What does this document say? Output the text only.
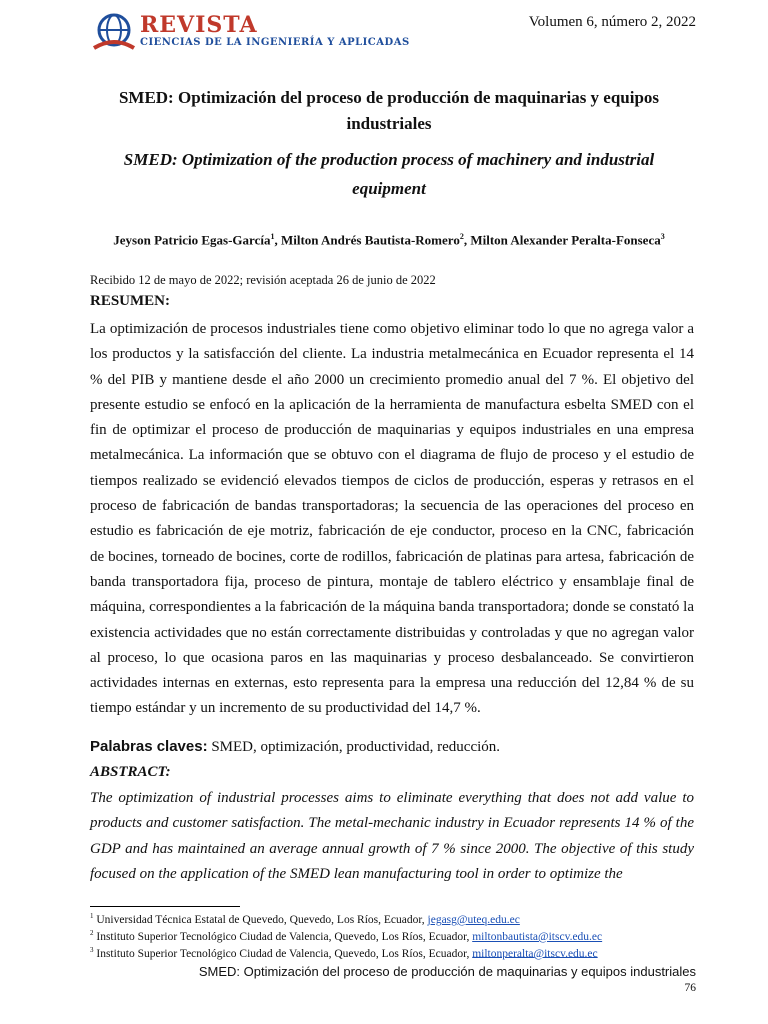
REVISTA
CIENCIAS DE LA INGENIERÍA Y APLICADAS
Volumen 6, número 2, 2022
SMED: Optimización del proceso de producción de maquinarias y equipos industriales
SMED: Optimization of the production process of machinery and industrial equipment
Jeyson Patricio Egas-García$^1$, Milton Andrés Bautista-Romero$^2$, Milton Alexander Peralta-Fonseca$^3$
Recibido 12 de mayo de 2022; revisión aceptada 26 de junio de 2022
RESUMEN:

La optimización de procesos industriales tiene como objetivo eliminar todo lo que no agrega valor a los productos y la satisfacción del cliente. La industria metalmecánica en Ecuador representa el 14 % del PIB y mantiene desde el año 2000 un crecimiento promedio anual del 7 %. El objetivo del presente estudio se enfocó en la aplicación de la herramienta de manufactura esbelta SMED con el fin de optimizar el proceso de producción de maquinarias y equipos industriales en una empresa metalmecánica. La información que se obtuvo con el diagrama de flujo de proceso y el estudio de tiempos realizado se evidenció elevados tiempos de ciclos de producción, esperas y retrasos en el proceso de fabricación de bandas transportadoras; la secuencia de las operaciones del proceso en estudio es fabricación de eje motriz, fabricación de eje conductor, proceso en la CNC, fabricación de bocines, torneado de bocines, corte de rodillos, fabricación de platinas para artesa, fabricación de banda transportadora fija, proceso de pintura, montaje de tablero eléctrico y ensamblaje final de máquina, correspondientes a la fabricación de la máquina banda transportadora; donde se constató la existencia actividades que no están correctamente distribuidas y controladas y que no agregan valor al proceso, lo que ocasiona paros en las maquinarias y proceso desbalanceado. Se convirtieron actividades internas en externas, esto representa para la empresa una reducción del 12,84 % de su tiempo estándar y un incremento de su productividad del 14,7 %.

Palabras claves: SMED, optimización, productividad, reducción.
ABSTRACT:

The optimization of industrial processes aims to eliminate everything that does not add value to products and customer satisfaction. The metal-mechanic industry in Ecuador represents 14 % of the GDP and has maintained an average annual growth of 7 % since 2000. The objective of this study focused on the application of the SMED lean manufacturing tool in order to optimize the

$^1$ Universidad Técnica Estatal de Quevedo, Quevedo, Los Ríos, Ecuador, jegasg@uteq.edu.ec
$^2$ Instituto Superior Tecnológico Ciudad de Valencia, Quevedo, Los Ríos, Ecuador, miltonbautista@itscv.edu.ec
$^3$ Instituto Superior Tecnológico Ciudad de Valencia, Quevedo, Los Ríos, Ecuador, miltonperalta@itscv.edu.ec
SMED: Optimización del proceso de producción de maquinarias y equipos industriales
76
